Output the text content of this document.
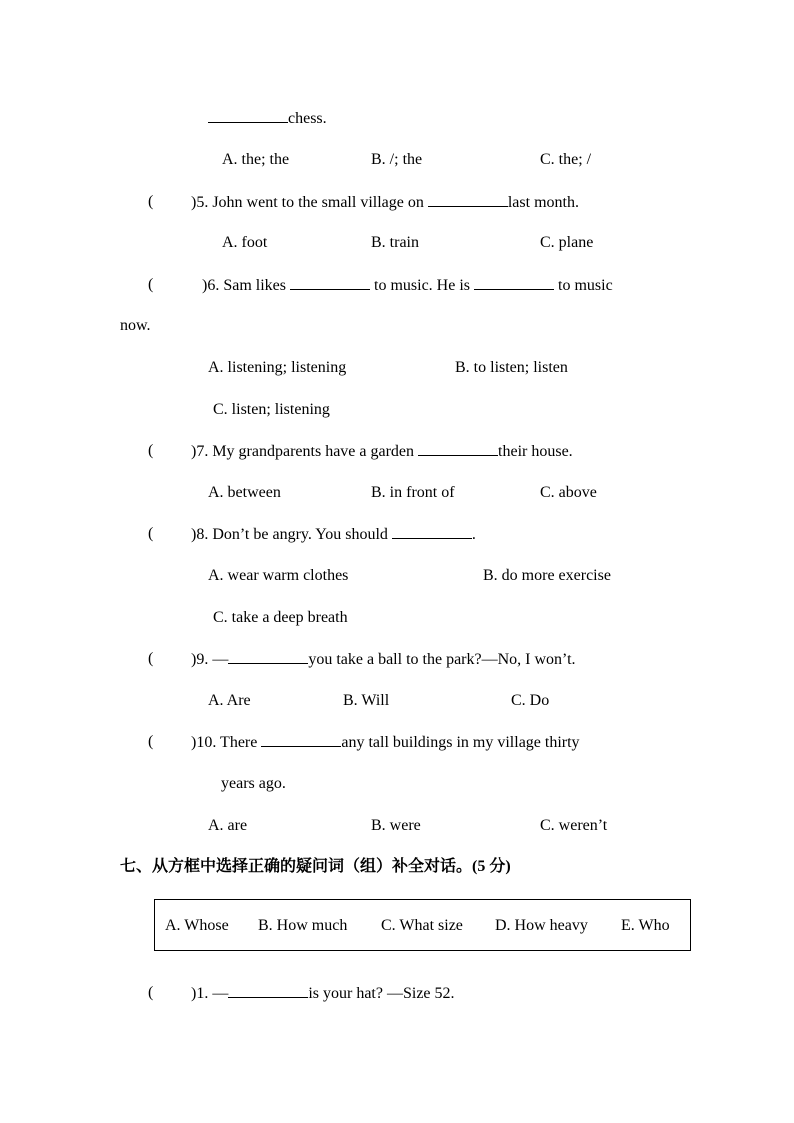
chess.
A. the; the	B. /; the	C. the; /
( )5. John went to the small village on	last month.
A. foot	B. train	C. plane
(	)6. Sam likes	to music. He is	to music
now.
A. listening; listening	B. to listen; listen
C. listen; listening
( )7. My grandparents have a garden	their house.
A. between	B. in front of	C. above
( )8. Don’t be angry. You should	.
A. wear warm clothes	B. do more exercise
C. take a deep breath
( )9. —	you take a ball to the park?—No, I won’t.
A. Are	B. Will	C. Do
( )10. There	any tall buildings in my village thirty
years ago.
A. are	B. were	C. weren’t
七、从方框中选择正确的疑问词（组）补全对话。(5 分)
A. Whose B. How much C. What size D. How heavy E. Who
( )1. —	is your hat? —Size 52.
